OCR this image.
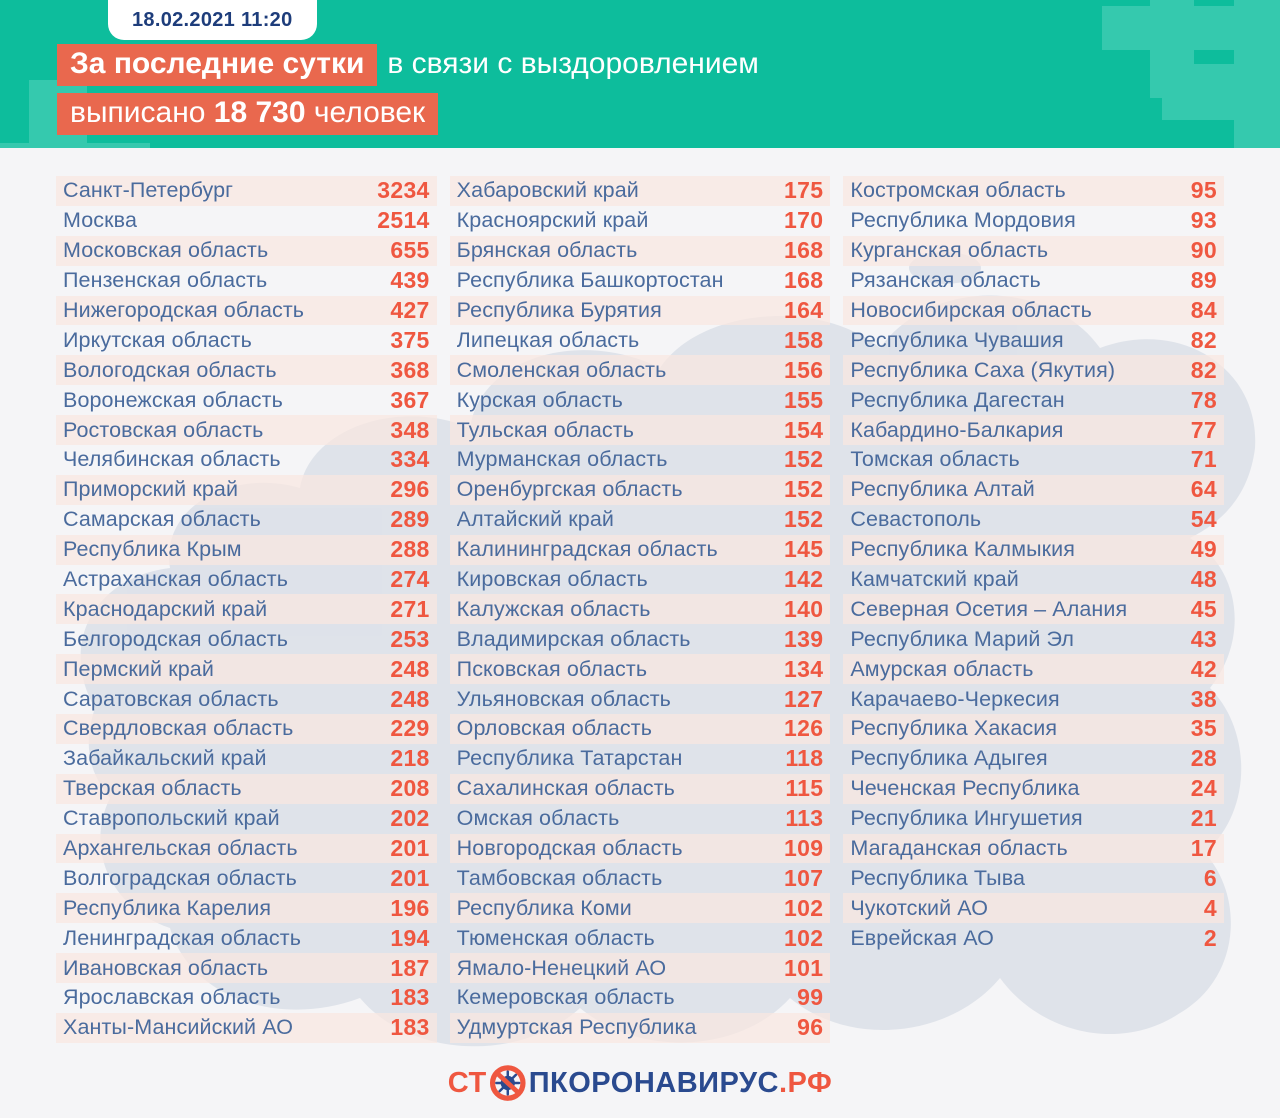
18.02.2021 11:20
За последние сутки в связи с выздоровлением
выписано 18 730 человек
Санкт-Петербург	3234
Москва	2514
Московская область	655
Пензенская область	439
Нижегородская область	427
Иркутская область	375
Вологодская область	368
Воронежская область	367
Ростовская область	348
Челябинская область	334
Приморский край	296
Самарская область	289
Республика Крым	288
Астраханская область	274
Краснодарский край	271
Белгородская область	253
Пермский край	248
Саратовская область	248
Свердловская область	229
Забайкальский край	218
Тверская область	208
Ставропольский край	202
Архангельская область	201
Волгоградская область	201
Республика Карелия	196
Ленинградская область	194
Ивановская область	187
Ярославская область	183
Ханты-Мансийский АО	183
Хабаровский край	175
Красноярский край	170
Брянская область	168
Республика Башкортостан	168
Республика Бурятия	164
Липецкая область	158
Смоленская область	156
Курская область	155
Тульская область	154
Мурманская область	152
Оренбургская область	152
Алтайский край	152
Калининградская область	145
Кировская область	142
Калужская область	140
Владимирская область	139
Псковская область	134
Ульяновская область	127
Орловская область	126
Республика Татарстан	118
Сахалинская область	115
Омская область	113
Новгородская область	109
Тамбовская область	107
Республика Коми	102
Тюменская область	102
Ямало-Ненецкий АО	101
Кемеровская область	99
Удмуртская Республика	96
Костромская область	95
Республика Мордовия	93
Курганская область	90
Рязанская область	89
Новосибирская область	84
Республика Чувашия	82
Республика Саха (Якутия)	82
Республика Дагестан	78
Кабардино-Балкария	77
Томская область	71
Республика Алтай	64
Севастополь	54
Республика Калмыкия	49
Камчатский край	48
Северная Осетия – Алания	45
Республика Марий Эл	43
Амурская область	42
Карачаево-Черкесия	38
Республика Хакасия	35
Республика Адыгея	28
Чеченская Республика	24
Республика Ингушетия	21
Магаданская область	17
Республика Тыва	6
Чукотский АО	4
Еврейская АО	2
СТ ПКОРОНАВИРУС .РФ
